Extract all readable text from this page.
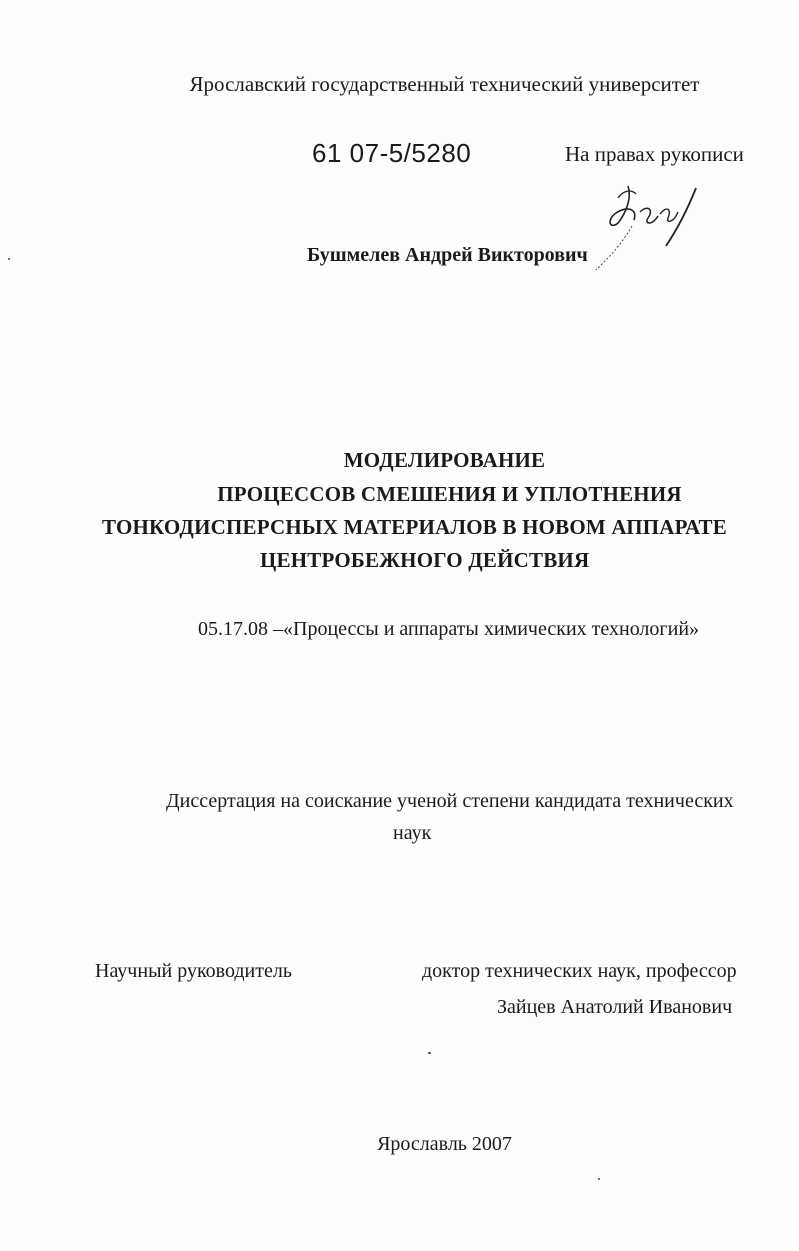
Ярославский государственный технический университет
61 07-5/5280	На правах рукописи
Бушмелев Андрей Викторович
МОДЕЛИРОВАНИЕ
ПРОЦЕССОВ СМЕШЕНИЯ И УПЛОТНЕНИЯ
ТОНКОДИСПЕРСНЫХ МАТЕРИАЛОВ В НОВОМ АППАРАТЕ
ЦЕНТРОБЕЖНОГО ДЕЙСТВИЯ
05.17.08 –«Процессы и аппараты химических технологий»
Диссертация на соискание ученой степени кандидата технических
наук
Научный руководитель	доктор технических наук, профессор
Зайцев Анатолий Иванович
Ярославль 2007
